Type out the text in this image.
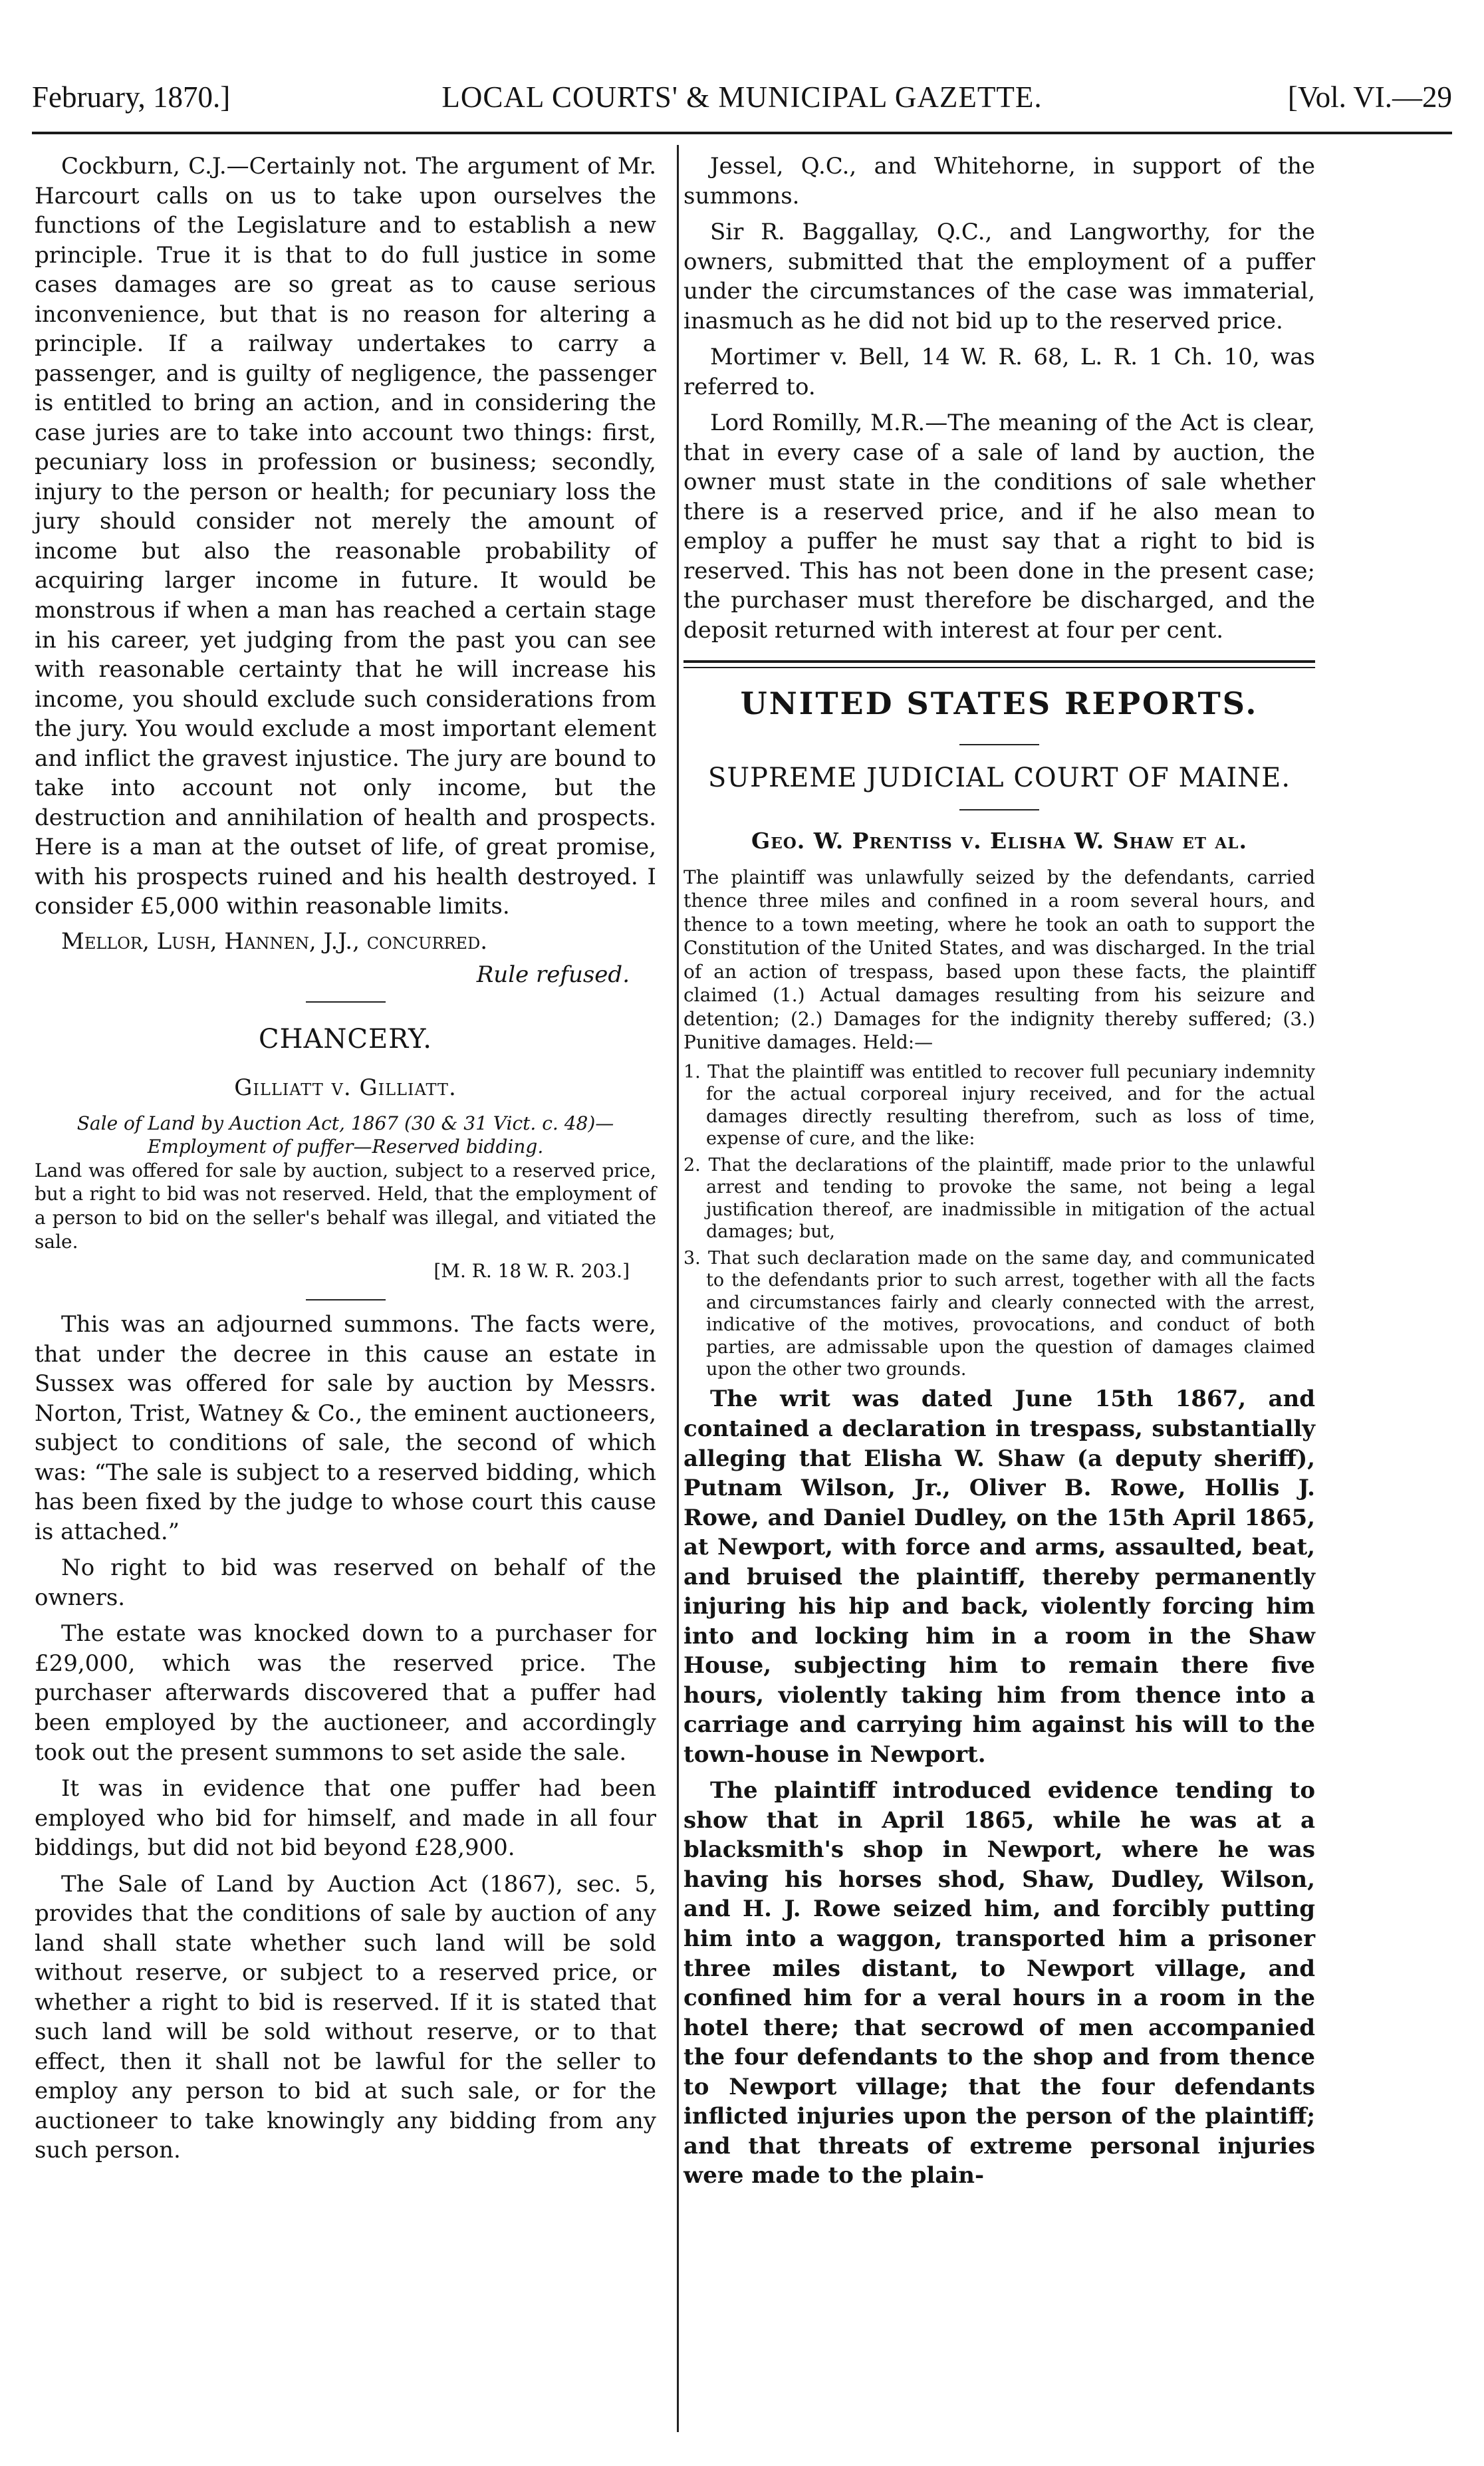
February, 1870.]	LOCAL COURTS' & MUNICIPAL GAZETTE.	[Vol. VI.—29

Cockburn, C.J.—Certainly not. The argument of Mr. Harcourt calls on us to take upon ourselves the functions of the Legislature and to establish a new principle. True it is that to do full justice in some cases damages are so great as to cause serious inconvenience, but that is no reason for altering a principle. If a railway undertakes to carry a passenger, and is guilty of negligence, the passenger is entitled to bring an action, and in considering the case juries are to take into account two things: first, pecuniary loss in profession or business; secondly, injury to the person or health; for pecuniary loss the jury should consider not merely the amount of income but also the reasonable probability of acquiring larger income in future. It would be monstrous if when a man has reached a certain stage in his career, yet judging from the past you can see with reasonable certainty that he will increase his income, you should exclude such considerations from the jury. You would exclude a most important element and inflict the gravest injustice. The jury are bound to take into account not only income, but the destruction and annihilation of health and prospects. Here is a man at the outset of life, of great promise, with his prospects ruined and his health destroyed. I consider £5,000 within reasonable limits.

Mellor, Lush, Hannen, J.J., concurred.
Rule refused.
CHANCERY.
Gilliatt v. Gilliatt.
Sale of Land by Auction Act, 1867 (30 & 31 Vict. c. 48)— Employment of puffer—Reserved bidding.
Land was offered for sale by auction, subject to a reserved price, but a right to bid was not reserved. Held, that the employment of a person to bid on the seller's behalf was illegal, and vitiated the sale.
[M. R. 18 W. R. 203.]

This was an adjourned summons. The facts were, that under the decree in this cause an estate in Sussex was offered for sale by auction by Messrs. Norton, Trist, Watney & Co., the eminent auctioneers, subject to conditions of sale, the second of which was: “The sale is subject to a reserved bidding, which has been fixed by the judge to whose court this cause is attached.”

No right to bid was reserved on behalf of the owners.

The estate was knocked down to a purchaser for £29,000, which was the reserved price. The purchaser afterwards discovered that a puffer had been employed by the auctioneer, and accordingly took out the present summons to set aside the sale.

It was in evidence that one puffer had been employed who bid for himself, and made in all four biddings, but did not bid beyond £28,900.

The Sale of Land by Auction Act (1867), sec. 5, provides that the conditions of sale by auction of any land shall state whether such land will be sold without reserve, or subject to a reserved price, or whether a right to bid is reserved. If it is stated that such land will be sold without reserve, or to that effect, then it shall not be lawful for the seller to employ any person to bid at such sale, or for the auctioneer to take knowingly any bidding from any such person.

Jessel, Q.C., and Whitehorne, in support of the summons.

Sir R. Baggallay, Q.C., and Langworthy, for the owners, submitted that the employment of a puffer under the circumstances of the case was immaterial, inasmuch as he did not bid up to the reserved price.

Mortimer v. Bell, 14 W. R. 68, L. R. 1 Ch. 10, was referred to.

Lord Romilly, M.R.—The meaning of the Act is clear, that in every case of a sale of land by auction, the owner must state in the conditions of sale whether there is a reserved price, and if he also mean to employ a puffer he must say that a right to bid is reserved. This has not been done in the present case; the purchaser must therefore be discharged, and the deposit returned with interest at four per cent.

UNITED STATES REPORTS.
SUPREME JUDICIAL COURT OF MAINE.
Geo. W. Prentiss v. Elisha W. Shaw et al.
The plaintiff was unlawfully seized by the defendants, carried thence three miles and confined in a room several hours, and thence to a town meeting, where he took an oath to support the Constitution of the United States, and was discharged. In the trial of an action of trespass, based upon these facts, the plaintiff claimed (1.) Actual damages resulting from his seizure and detention; (2.) Damages for the indignity thereby suffered; (3.) Punitive damages. Held:—
1. That the plaintiff was entitled to recover full pecuniary indemnity for the actual corporeal injury received, and for the actual damages directly resulting therefrom, such as loss of time, expense of cure, and the like:
2. That the declarations of the plaintiff, made prior to the unlawful arrest and tending to provoke the same, not being a legal justification thereof, are inadmissible in mitigation of the actual damages; but,
3. That such declaration made on the same day, and communicated to the defendants prior to such arrest, together with all the facts and circumstances fairly and clearly connected with the arrest, indicative of the motives, provocations, and conduct of both parties, are admissable upon the question of damages claimed upon the other two grounds.

The writ was dated June 15th 1867, and contained a declaration in trespass, substantially alleging that Elisha W. Shaw (a deputy sheriff), Putnam Wilson, Jr., Oliver B. Rowe, Hollis J. Rowe, and Daniel Dudley, on the 15th April 1865, at Newport, with force and arms, assaulted, beat, and bruised the plaintiff, thereby permanently injuring his hip and back, violently forcing him into and locking him in a room in the Shaw House, subjecting him to remain there five hours, violently taking him from thence into a carriage and carrying him against his will to the town-house in Newport.

The plaintiff introduced evidence tending to show that in April 1865, while he was at a blacksmith's shop in Newport, where he was having his horses shod, Shaw, Dudley, Wilson, and H. J. Rowe seized him, and forcibly putting him into a waggon, transported him a prisoner three miles distant, to Newport village, and confined him for a veral hours in a room in the hotel there; that secrowd of men accompanied the four defendants to the shop and from thence to Newport village; that the four defendants inflicted injuries upon the person of the plaintiff; and that threats of extreme personal injuries were made to the plain-
